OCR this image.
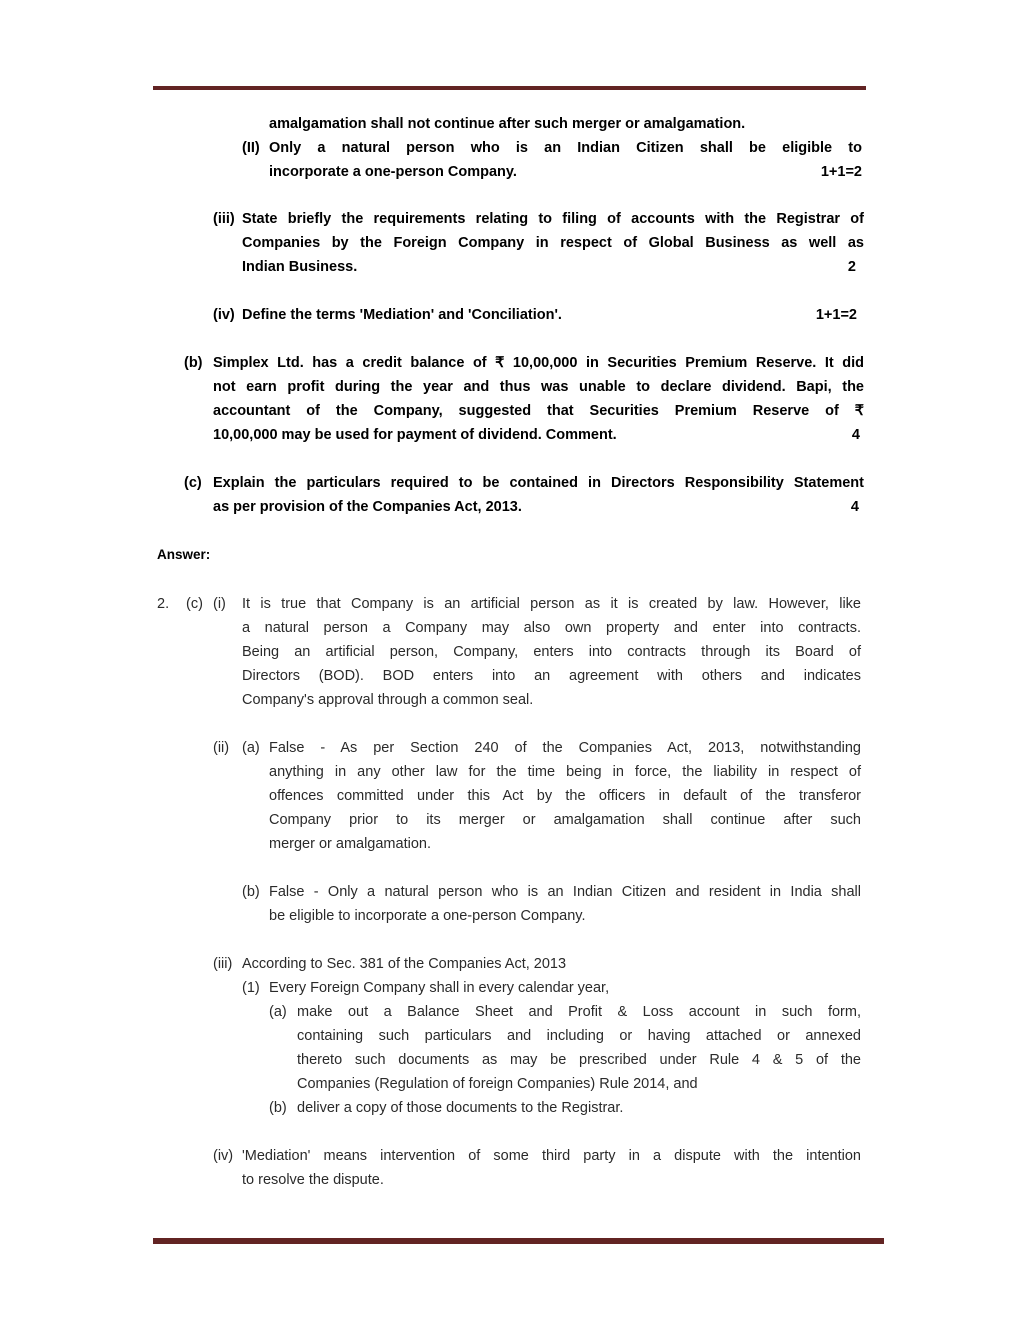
amalgamation shall not continue after such merger or amalgamation.
(II) Only a natural person who is an Indian Citizen shall be eligible to
incorporate a one-person Company.	1+1=2
(iii) State briefly the requirements relating to filing of accounts with the Registrar of
Companies by the Foreign Company in respect of Global Business as well as
Indian Business.	2
(iv) Define the terms 'Mediation' and 'Conciliation'.	1+1=2
(b) Simplex Ltd. has a credit balance of ₹ 10,00,000 in Securities Premium Reserve. It did
not earn profit during the year and thus was unable to declare dividend. Bapi, the
accountant of the Company, suggested that Securities Premium Reserve of ₹
10,00,000 may be used for payment of dividend. Comment.	4
(c) Explain the particulars required to be contained in Directors Responsibility Statement
as per provision of the Companies Act, 2013.	4
Answer:
2. (c) (i) It is true that Company is an artificial person as it is created by law. However, like
a natural person a Company may also own property and enter into contracts.
Being an artificial person, Company, enters into contracts through its Board of
Directors (BOD). BOD enters into an agreement with others and indicates
Company's approval through a common seal.
(ii) (a) False - As per Section 240 of the Companies Act, 2013, notwithstanding
anything in any other law for the time being in force, the liability in respect of
offences committed under this Act by the officers in default of the transferor
Company prior to its merger or amalgamation shall continue after such
merger or amalgamation.
(b) False - Only a natural person who is an Indian Citizen and resident in India shall
be eligible to incorporate a one-person Company.
(iii) According to Sec. 381 of the Companies Act, 2013
(1) Every Foreign Company shall in every calendar year,
(a) make out a Balance Sheet and Profit & Loss account in such form,
containing such particulars and including or having attached or annexed
thereto such documents as may be prescribed under Rule 4 & 5 of the
Companies (Regulation of foreign Companies) Rule 2014, and
(b) deliver a copy of those documents to the Registrar.
(iv) 'Mediation' means intervention of some third party in a dispute with the intention
to resolve the dispute.
